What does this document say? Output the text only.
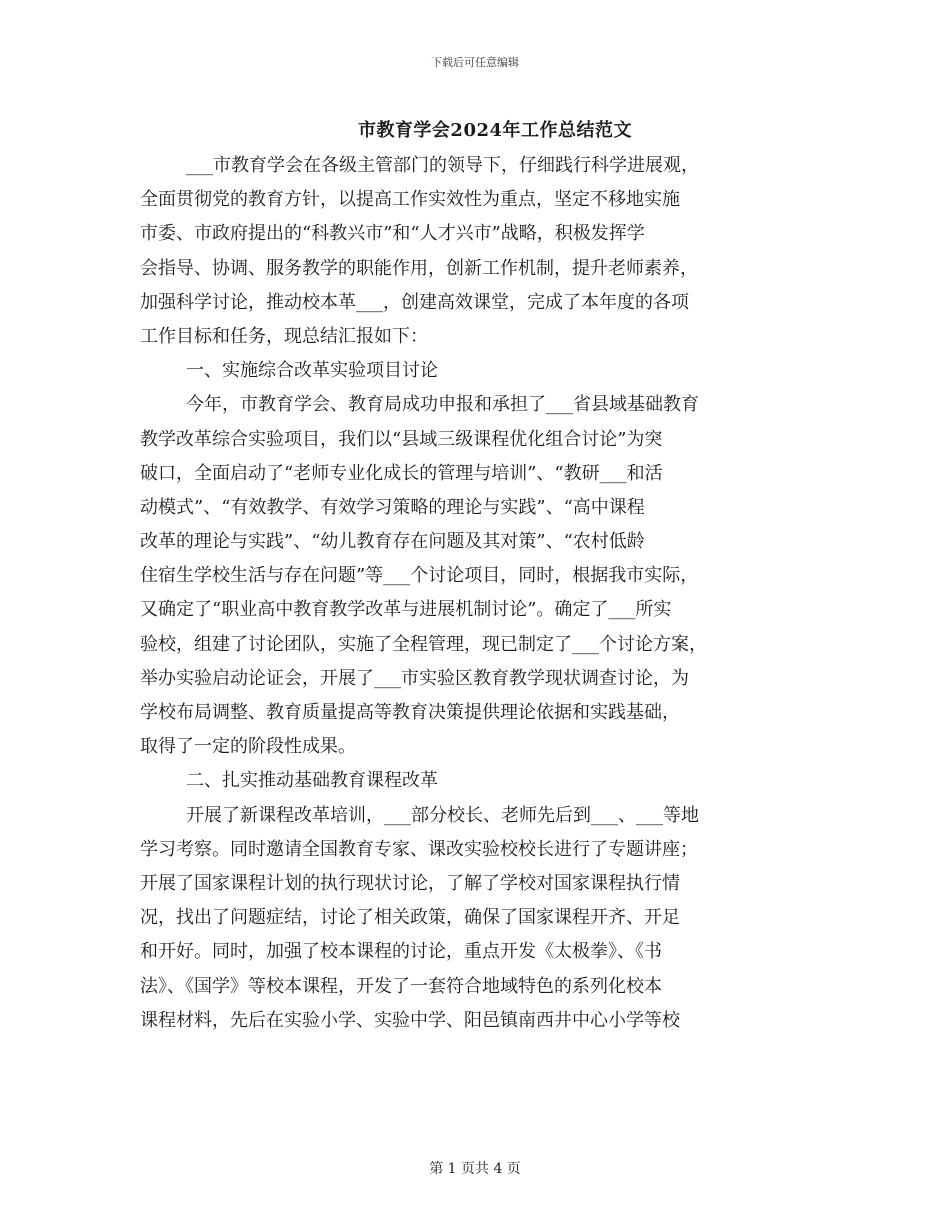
下载后可任意编辑
市教育学会2024年工作总结范文
___市教育学会在各级主管部门的领导下，仔细践行科学进展观，
全面贯彻党的教育方针，以提高工作实效性为重点，坚定不移地实施
市委、市政府提出的“科教兴市”和“人才兴市”战略，积极发挥学
会指导、协调、服务教学的职能作用，创新工作机制，提升老师素养，
加强科学讨论，推动校本革___，创建高效课堂，完成了本年度的各项
工作目标和任务，现总结汇报如下：
一、实施综合改革实验项目讨论
今年，市教育学会、教育局成功申报和承担了___省县域基础教育
教学改革综合实验项目，我们以“县域三级课程优化组合讨论”为突
破口，全面启动了“老师专业化成长的管理与培训”、“教研___和活
动模式”、“有效教学、有效学习策略的理论与实践”、“高中课程
改革的理论与实践”、“幼儿教育存在问题及其对策”、“农村低龄
住宿生学校生活与存在问题”等___个讨论项目，同时，根据我市实际，
又确定了“职业高中教育教学改革与进展机制讨论”。确定了___所实
验校，组建了讨论团队，实施了全程管理，现已制定了___个讨论方案，
举办实验启动论证会，开展了___市实验区教育教学现状调查讨论，为
学校布局调整、教育质量提高等教育决策提供理论依据和实践基础，
取得了一定的阶段性成果。
二、扎实推动基础教育课程改革
开展了新课程改革培训，___部分校长、老师先后到___、___等地
学习考察。同时邀请全国教育专家、课改实验校校长进行了专题讲座；
开展了国家课程计划的执行现状讨论，了解了学校对国家课程执行情
况，找出了问题症结，讨论了相关政策，确保了国家课程开齐、开足
和开好。同时，加强了校本课程的讨论，重点开发《太极拳》、《书
法》、《国学》等校本课程，开发了一套符合地域特色的系列化校本
课程材料，先后在实验小学、实验中学、阳邑镇南西井中心小学等校
第 1 页共 4 页
